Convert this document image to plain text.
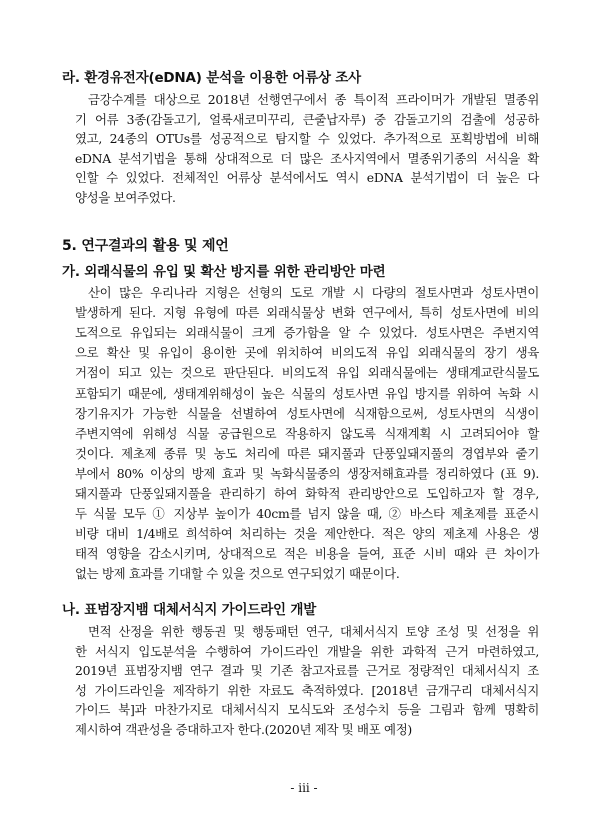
라. 환경유전자(eDNA) 분석을 이용한 어류상 조사
금강수계를 대상으로 2018년 선행연구에서 종 특이적 프라이머가 개발된 멸종위
기 어류 3종(감돌고기, 얼룩새코미꾸리, 큰줄납자루) 중 감돌고기의 검출에 성공하
였고, 24종의 OTUs를 성공적으로 탐지할 수 있었다. 추가적으로 포획방법에 비해
eDNA 분석기법을 통해 상대적으로 더 많은 조사지역에서 멸종위기종의 서식을 확
인할 수 있었다. 전체적인 어류상 분석에서도 역시 eDNA 분석기법이 더 높은 다
양성을 보여주었다.
5. 연구결과의 활용 및 제언
가. 외래식물의 유입 및 확산 방지를 위한 관리방안 마련
산이 많은 우리나라 지형은 선형의 도로 개발 시 다량의 절토사면과 성토사면이
발생하게 된다. 지형 유형에 따른 외래식물상 변화 연구에서, 특히 성토사면에 비의
도적으로 유입되는 외래식물이 크게 증가함을 알 수 있었다. 성토사면은 주변지역
으로 확산 및 유입이 용이한 곳에 위치하여 비의도적 유입 외래식물의 장기 생육
거점이 되고 있는 것으로 판단된다. 비의도적 유입 외래식물에는 생태계교란식물도
포함되기 때문에, 생태계위해성이 높은 식물의 성토사면 유입 방지를 위하여 녹화 시
장기유지가 가능한 식물을 선별하여 성토사면에 식재함으로써, 성토사면의 식생이
주변지역에 위해성 식물 공급원으로 작용하지 않도록 식재계획 시 고려되어야 할
것이다. 제초제 종류 및 농도 처리에 따른 돼지풀과 단풍잎돼지풀의 경엽부와 줄기
부에서 80% 이상의 방제 효과 및 녹화식물종의 생장저해효과를 정리하였다 (표 9).
돼지풀과 단풍잎돼지풀을 관리하기 하여 화학적 관리방안으로 도입하고자 할 경우,
두 식물 모두 ① 지상부 높이가 40cm를 넘지 않을 때, ② 바스타 제초제를 표준시
비량 대비 1/4배로 희석하여 처리하는 것을 제안한다. 적은 양의 제초제 사용은 생
태적 영향을 감소시키며, 상대적으로 적은 비용을 들여, 표준 시비 때와 큰 차이가
없는 방제 효과를 기대할 수 있을 것으로 연구되었기 때문이다.
나. 표범장지뱀 대체서식지 가이드라인 개발
면적 산정을 위한 행동권 및 행동패턴 연구, 대체서식지 토양 조성 및 선정을 위
한 서식지 입도분석을 수행하여 가이드라인 개발을 위한 과학적 근거 마련하였고,
2019년 표범장지뱀 연구 결과 및 기존 참고자료를 근거로 정량적인 대체서식지 조
성 가이드라인을 제작하기 위한 자료도 축적하였다. [2018년 금개구리 대체서식지
가이드 북]과 마찬가지로 대체서식지 모식도와 조성수치 등을 그림과 함께 명확히
제시하여 객관성을 증대하고자 한다.(2020년 제작 및 배포 예정)
- iii -
